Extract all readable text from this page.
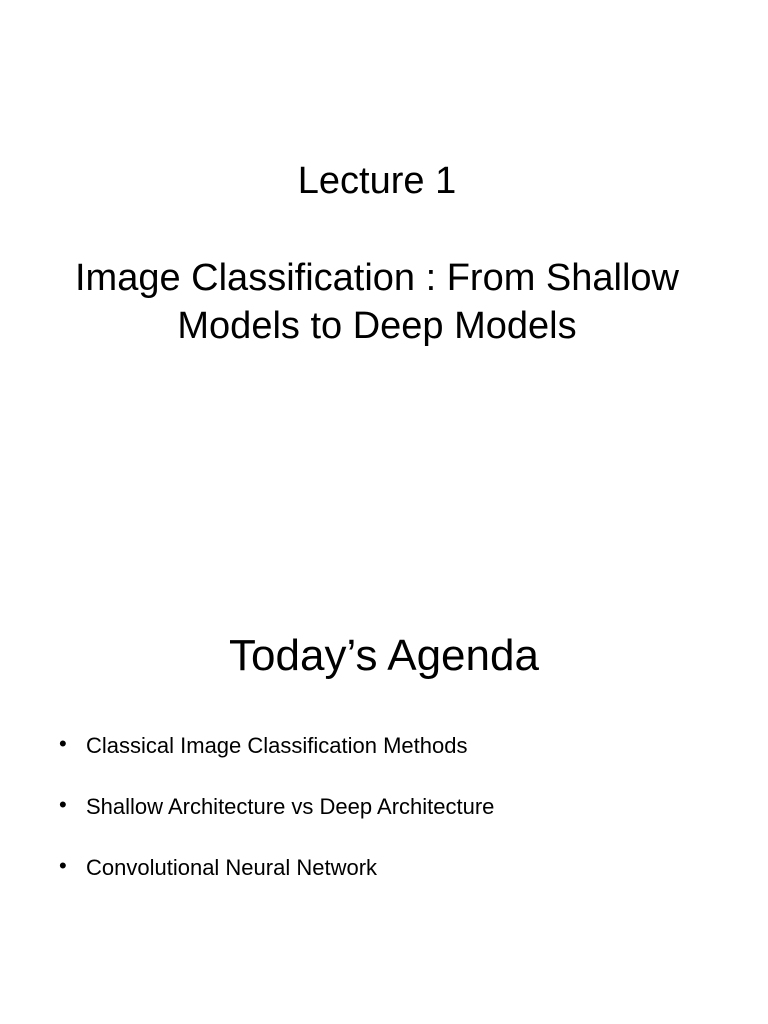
Lecture 1
Image Classification : From Shallow
Models to Deep Models
Today’s Agenda
• Classical Image Classification Methods
• Shallow Architecture vs Deep Architecture
• Convolutional Neural Network
